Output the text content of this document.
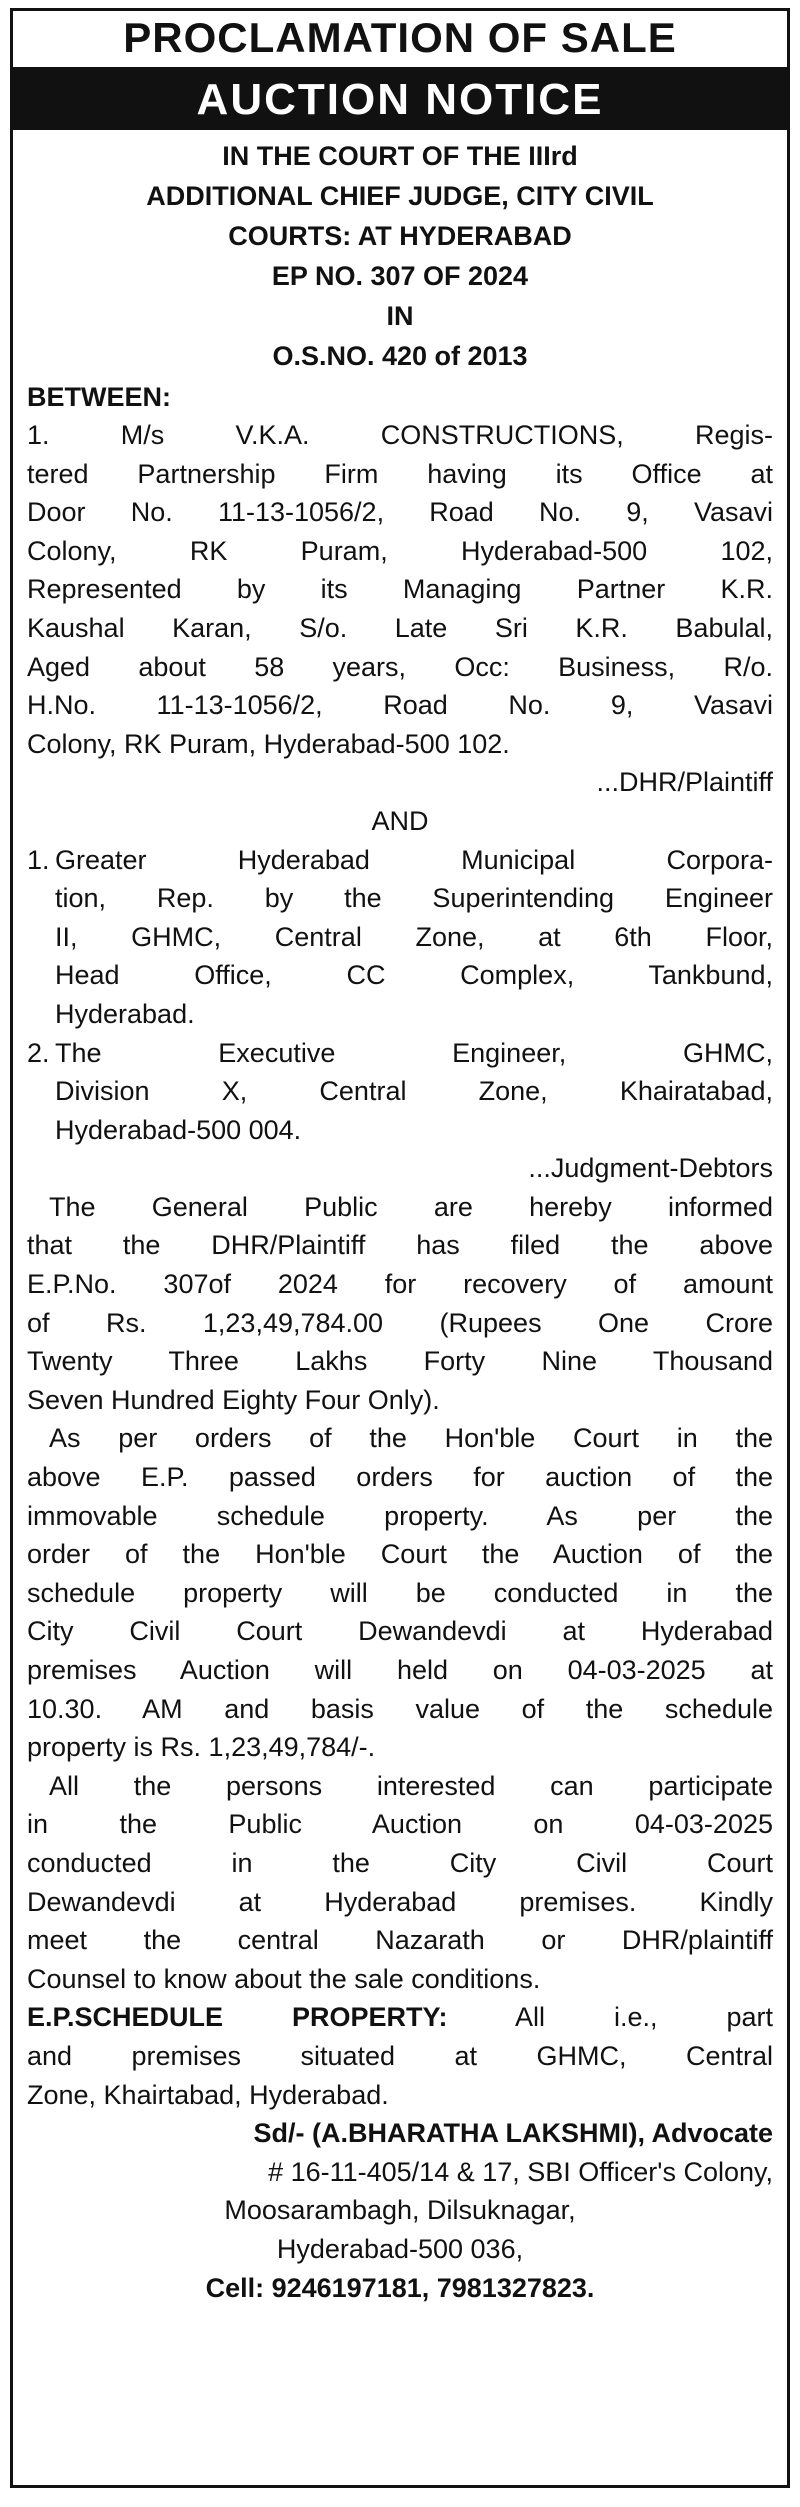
PROCLAMATION OF SALE
AUCTION NOTICE
IN THE COURT OF THE IIIrd
ADDITIONAL CHIEF JUDGE, CITY CIVIL
COURTS: AT HYDERABAD
EP NO. 307 OF 2024
IN
O.S.NO. 420 of 2013
BETWEEN:
1. M/s V.K.A. CONSTRUCTIONS, Regis-
tered Partnership Firm having its Office at
Door No. 11-13-1056/2, Road No. 9, Vasavi
Colony, RK Puram, Hyderabad-500 102,
Represented by its Managing Partner K.R.
Kaushal Karan, S/o. Late Sri K.R. Babulal,
Aged about 58 years, Occ: Business, R/o.
H.No. 11-13-1056/2, Road No. 9, Vasavi
Colony, RK Puram, Hyderabad-500 102.
...DHR/Plaintiff
AND
1. Greater Hyderabad Municipal Corpora-
tion, Rep. by the Superintending Engineer
II, GHMC, Central Zone, at 6th Floor,
Head Office, CC Complex, Tankbund,
Hyderabad.
2. The Executive Engineer, GHMC,
Division X, Central Zone, Khairatabad,
Hyderabad-500 004.
...Judgment-Debtors
The General Public are hereby informed
that the DHR/Plaintiff has filed the above
E.P.No. 307of 2024 for recovery of amount
of Rs. 1,23,49,784.00 (Rupees One Crore
Twenty Three Lakhs Forty Nine Thousand
Seven Hundred Eighty Four Only).
As per orders of the Hon'ble Court in the
above E.P. passed orders for auction of the
immovable schedule property. As per the
order of the Hon'ble Court the Auction of the
schedule property will be conducted in the
City Civil Court Dewandevdi at Hyderabad
premises Auction will held on 04-03-2025 at
10.30. AM and basis value of the schedule
property is Rs. 1,23,49,784/-.
All the persons interested can participate
in the Public Auction on 04-03-2025
conducted in the City Civil Court
Dewandevdi at Hyderabad premises. Kindly
meet the central Nazarath or DHR/plaintiff
Counsel to know about the sale conditions.
E.P.SCHEDULE PROPERTY: All i.e., part
and premises situated at GHMC, Central
Zone, Khairtabad, Hyderabad.
Sd/- (A.BHARATHA LAKSHMI), Advocate
# 16-11-405/14 & 17, SBI Officer's Colony,
Moosarambagh, Dilsuknagar,
Hyderabad-500 036,
Cell: 9246197181, 7981327823.
